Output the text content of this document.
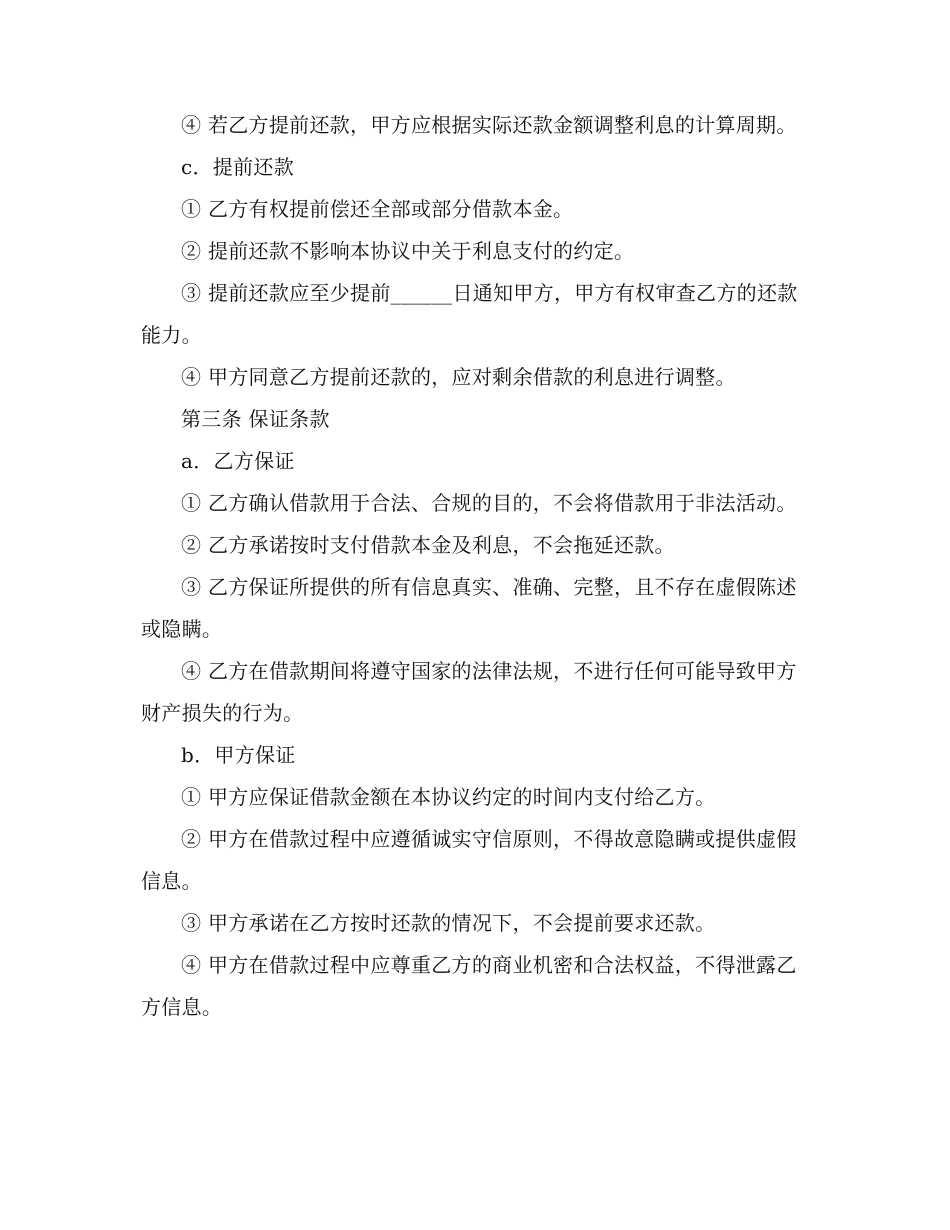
④ 若乙方提前还款，甲方应根据实际还款金额调整利息的计算周期。

c．提前还款

① 乙方有权提前偿还全部或部分借款本金。

② 提前还款不影响本协议中关于利息支付的约定。

③ 提前还款应至少提前______日通知甲方，甲方有权审查乙方的还款能力。

④ 甲方同意乙方提前还款的，应对剩余借款的利息进行调整。

第三条 保证条款

a．乙方保证

① 乙方确认借款用于合法、合规的目的，不会将借款用于非法活动。

② 乙方承诺按时支付借款本金及利息，不会拖延还款。

③ 乙方保证所提供的所有信息真实、准确、完整，且不存在虚假陈述或隐瞒。

④ 乙方在借款期间将遵守国家的法律法规，不进行任何可能导致甲方财产损失的行为。

b．甲方保证

① 甲方应保证借款金额在本协议约定的时间内支付给乙方。

② 甲方在借款过程中应遵循诚实守信原则，不得故意隐瞒或提供虚假信息。

③ 甲方承诺在乙方按时还款的情况下，不会提前要求还款。

④ 甲方在借款过程中应尊重乙方的商业机密和合法权益，不得泄露乙方信息。
